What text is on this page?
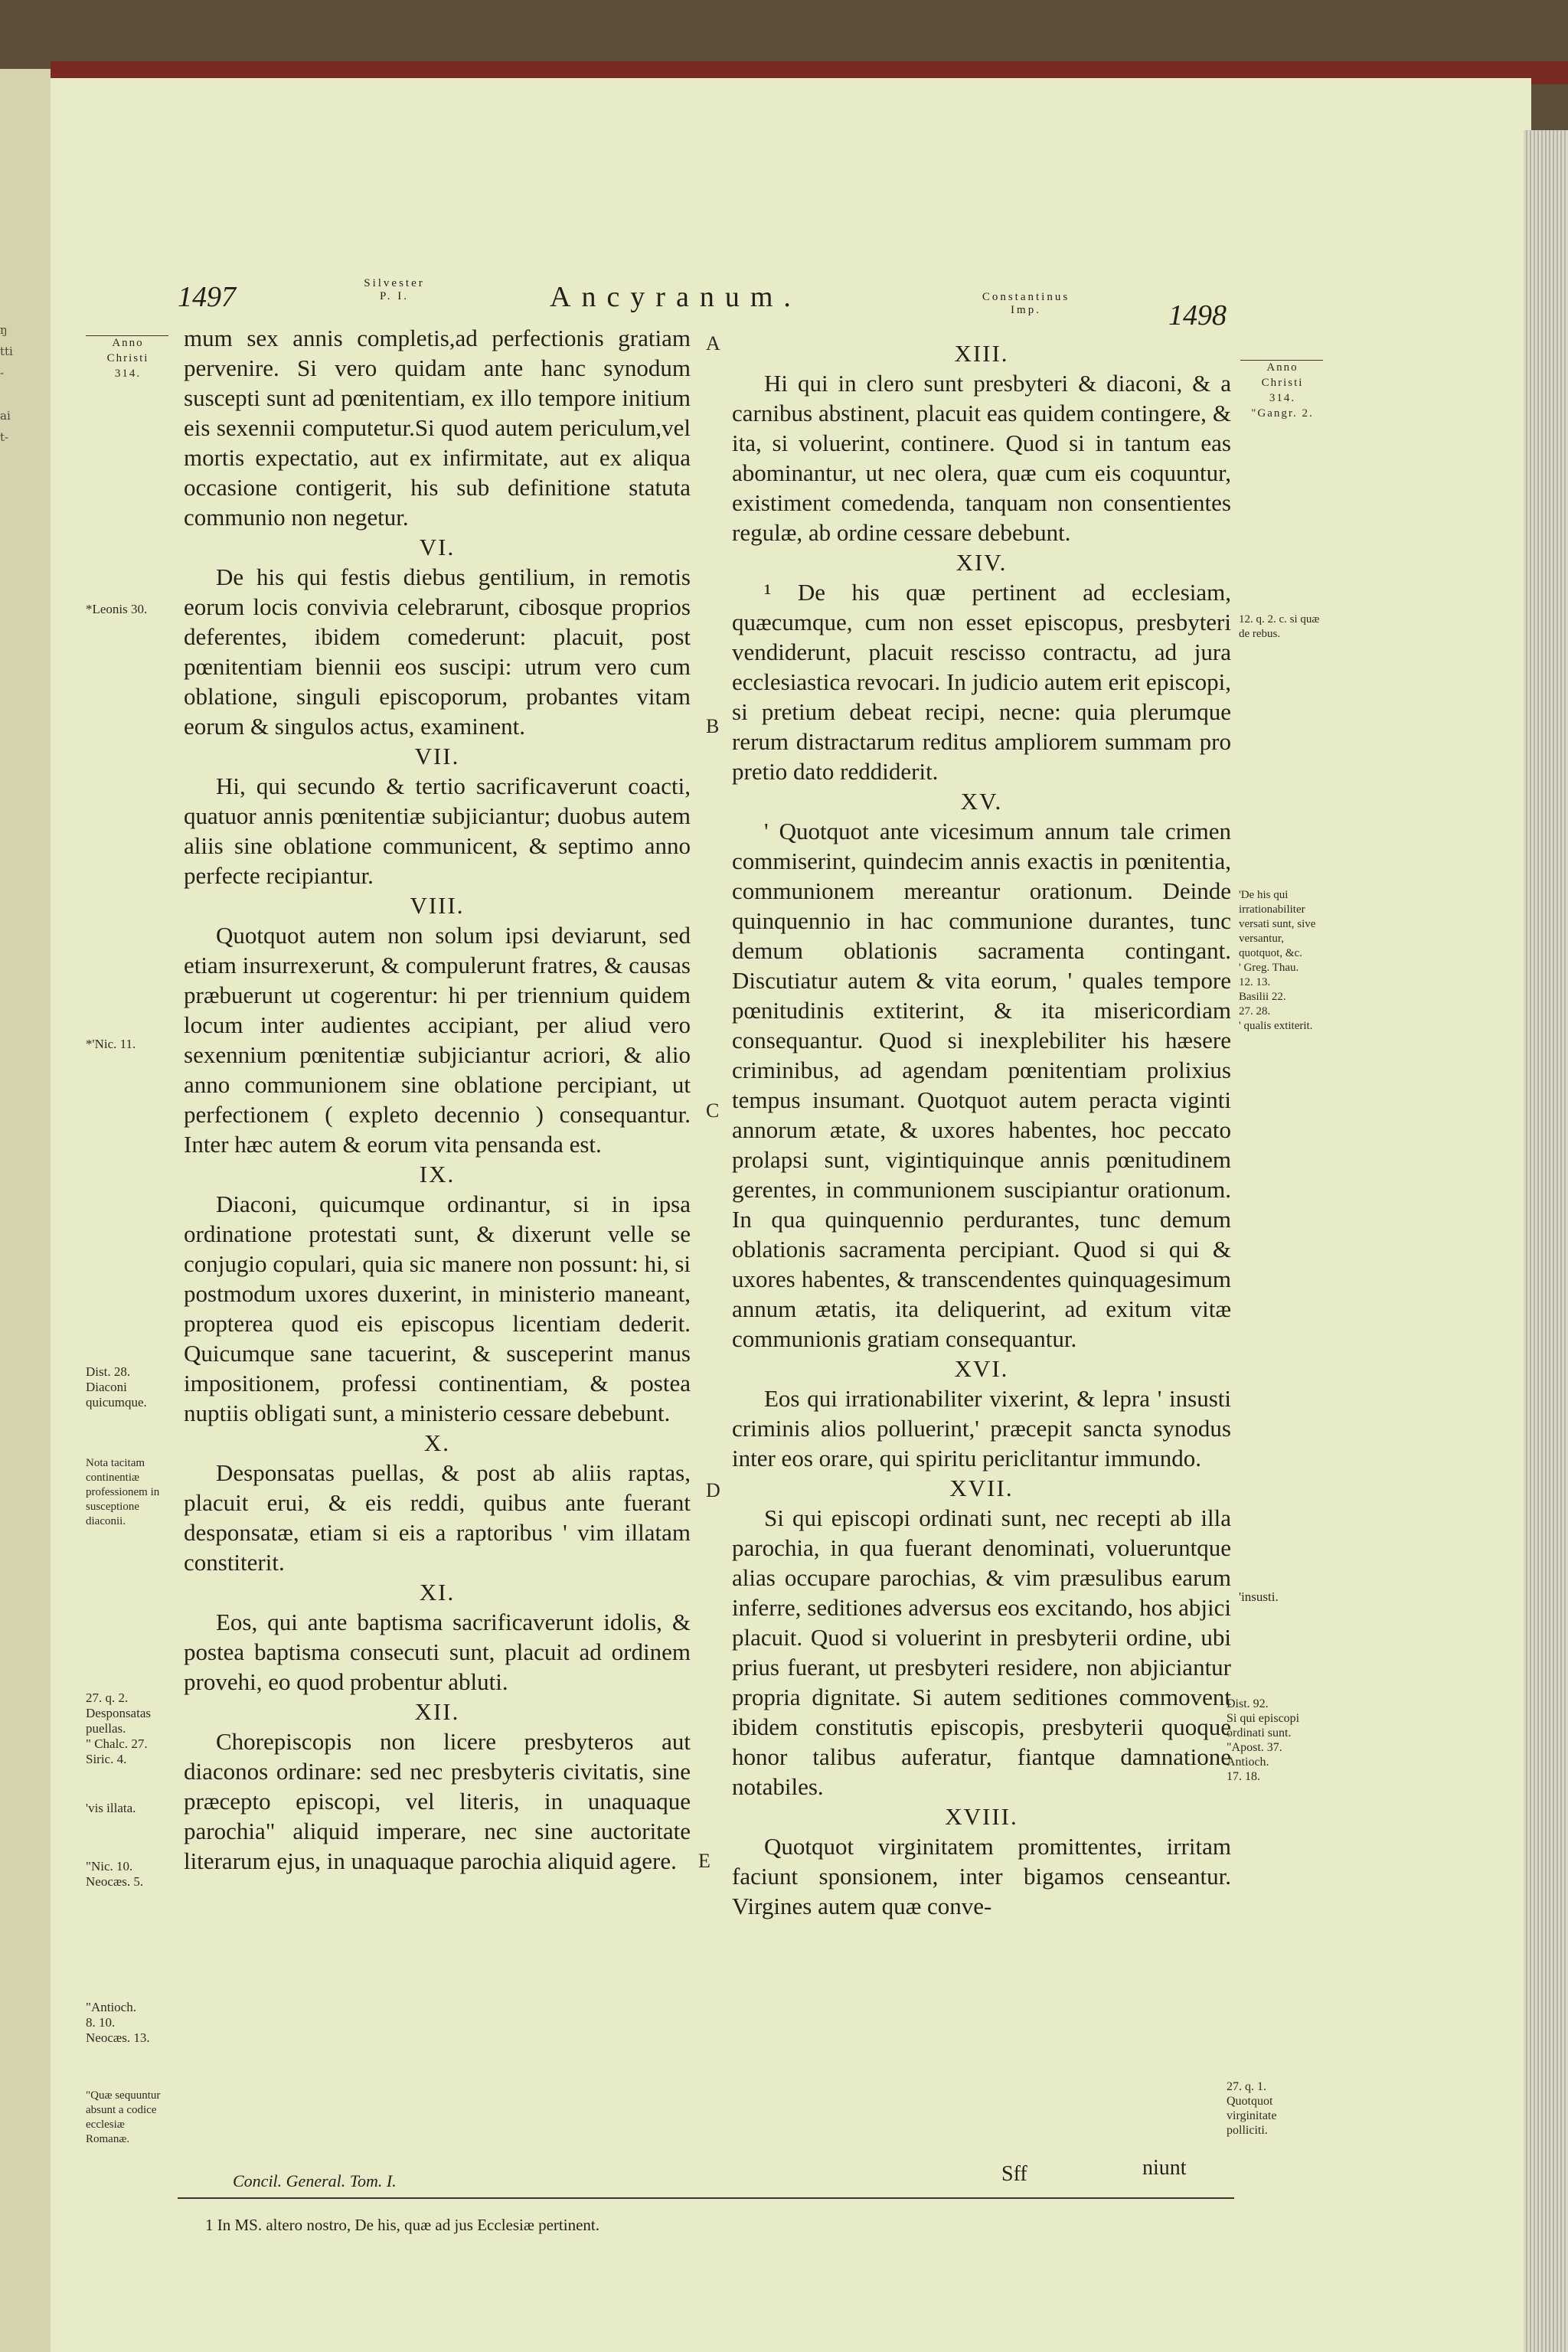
ŋ
tti
-
ai
t-
1497	Silvester
P. I.	Ancyranum.	Constantinus
Imp.	1498
A
B
C
D
E

mum sex annis completis,ad perfectionis gratiam pervenire. Si vero quidam ante hanc synodum suscepti sunt ad pœnitentiam, ex illo tempore initium eis sexennii computetur.Si quod autem periculum,vel mortis expectatio, aut ex infirmitate, aut ex aliqua occasione contigerit, his sub definitione statuta communio non negetur.

VI.

De his qui festis diebus gentilium, in remotis eorum locis convivia celebrarunt, cibosque proprios deferentes, ibidem comederunt: placuit, post pœnitentiam biennii eos suscipi: utrum vero cum oblatione, singuli episcoporum, probantes vitam eorum & singulos actus, examinent.

VII.

Hi, qui secundo & tertio sacrificaverunt coacti, quatuor annis pœnitentiæ subjiciantur; duobus autem aliis sine oblatione communicent, & septimo anno perfecte recipiantur.

VIII.

Quotquot autem non solum ipsi deviarunt, sed etiam insurrexerunt, & compulerunt fratres, & causas præbuerunt ut cogerentur: hi per triennium quidem locum inter audientes accipiant, per aliud vero sexennium pœnitentiæ subjiciantur acriori, & alio anno communionem sine oblatione percipiant, ut perfectionem ( expleto decennio ) consequantur. Inter hæc autem & eorum vita pensanda est.

IX.

Diaconi, quicumque ordinantur, si in ipsa ordinatione protestati sunt, & dixerunt velle se conjugio copulari, quia sic manere non possunt: hi, si postmodum uxores duxerint, in ministerio maneant, propterea quod eis episcopus licentiam dederit. Quicumque sane tacuerint, & susceperint manus impositionem, professi continentiam, & postea nuptiis obligati sunt, a ministerio cessare debebunt.

X.

Desponsatas puellas, & post ab aliis raptas, placuit erui, & eis reddi, quibus ante fuerant desponsatæ, etiam si eis a raptoribus ' vim illatam constiterit.

XI.

Eos, qui ante baptisma sacrificaverunt idolis, & postea baptisma consecuti sunt, placuit ad ordinem provehi, eo quod probentur abluti.

XII.

Chorepiscopis non licere presbyteros aut diaconos ordinare: sed nec presbyteris civitatis, sine præcepto episcopi, vel literis, in unaquaque parochia" aliquid imperare, nec sine auctoritate literarum ejus, in unaquaque parochia aliquid agere.

XIII.

Hi qui in clero sunt presbyteri & diaconi, & a carnibus abstinent, placuit eas quidem contingere, & ita, si voluerint, continere. Quod si in tantum eas abominantur, ut nec olera, quæ cum eis coquuntur, existiment comedenda, tanquam non consentientes regulæ, ab ordine cessare debebunt.

XIV.

¹ De his quæ pertinent ad ecclesiam, quæcumque, cum non esset episcopus, presbyteri vendiderunt, placuit rescisso contractu, ad jura ecclesiastica revocari. In judicio autem erit episcopi, si pretium debeat recipi, necne: quia plerumque rerum distractarum reditus ampliorem summam pro pretio dato reddiderit.

XV.

' Quotquot ante vicesimum annum tale crimen commiserint, quindecim annis exactis in pœnitentia, communionem mereantur orationum. Deinde quinquennio in hac communione durantes, tunc demum oblationis sacramenta contingant. Discutiatur autem & vita eorum, ' quales tempore pœnitudinis extiterint, & ita misericordiam consequantur. Quod si inexplebiliter his hæsere criminibus, ad agendam pœnitentiam prolixius tempus insumant. Quotquot autem peracta viginti annorum ætate, & uxores habentes, hoc peccato prolapsi sunt, vigintiquinque annis pœnitudinem gerentes, in communionem suscipiantur orationum. In qua quinquennio perdurantes, tunc demum oblationis sacramenta percipiant. Quod si qui & uxores habentes, & transcendentes quinquagesimum annum ætatis, ita deliquerint, ad exitum vitæ communionis gratiam consequantur.

XVI.

Eos qui irrationabiliter vixerint, & lepra ' insusti criminis alios polluerint,' præcepit sancta synodus inter eos orare, qui spiritu periclitantur immundo.

XVII.

Si qui episcopi ordinati sunt, nec recepti ab illa parochia, in qua fuerant denominati, volueruntque alias occupare parochias, & vim præsulibus earum inferre, seditiones adversus eos excitando, hos abjici placuit. Quod si voluerint in presbyterii ordine, ubi prius fuerant, ut presbyteri residere, non abjiciantur propria dignitate. Si autem seditiones commovent ibidem constitutis episcopis, presbyterii quoque honor talibus auferatur, fiantque damnatione notabiles.

XVIII.

Quotquot virginitatem promittentes, irritam faciunt sponsionem, inter bigamos censeantur. Virgines autem quæ conve-

Anno
Christi
314.
*Leonis 30.
*'Nic. 11.
Dist. 28.
Diaconi
quicumque.
Nota tacitam continentiæ professionem in susceptione diaconii.
27. q. 2. Desponsatas puellas.
" Chalc. 27.
Siric. 4.
'vis illata.
"Nic. 10.
Neocæs. 5.
"Antioch.
8. 10.
Neocæs. 13.
"Quæ sequuntur absunt a codice ecclesiæ Romanæ.
Anno
Christi
314.
"Gangr. 2.
12. q. 2. c. si quæ de rebus.
'De his qui irrationabiliter versati sunt, sive versantur, quotquot, &c.
' Greg. Thau.
12. 13.
Basilii 22.
27. 28.
' qualis extiterit.
'insusti.
Dist. 92.
Si qui episcopi ordinati sunt.
"Apost. 37.
Antioch.
17. 18.
27. q. 1.
Quotquot virginitate polliciti.
Concil. General. Tom. I.	Sff	niunt
1 In MS. altero nostro, De his, quæ ad jus Ecclesiæ pertinent.
